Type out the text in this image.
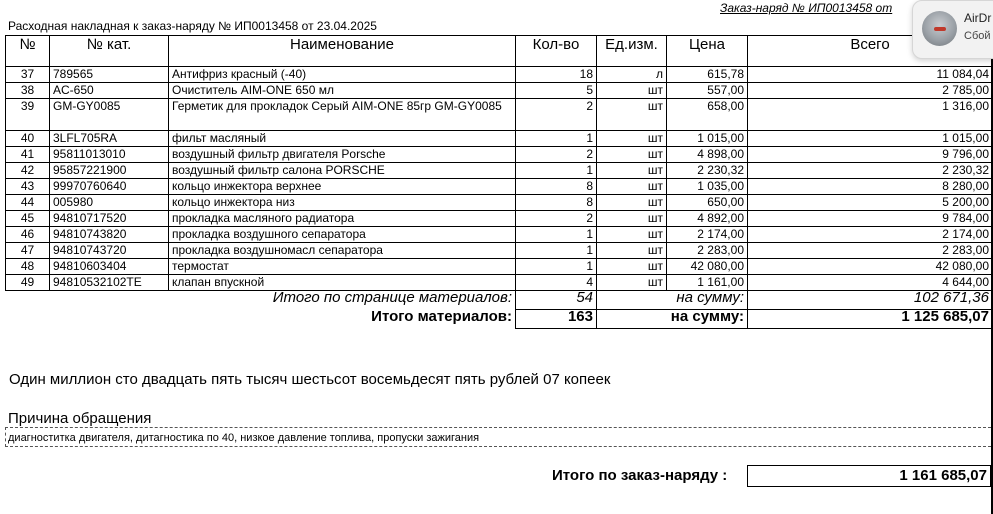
Заказ-наряд № ИП0013458 от
Расходная накладная к заказ-наряду № ИП0013458 от 23.04.2025
№	№ кат.	Наименование	Кол-во	Ед.изм.	Цена	Всего
37	789565	Антифриз красный (-40)	18	л	615,78	11 084,04
38	AC-650	Очиститель AIM-ONE 650 мл	5	шт	557,00	2 785,00
39	GM-GY0085	Герметик для прокладок Серый AIM-ONE 85гр GM-GY0085	2	шт	658,00	1 316,00
40	3LFL705RA	фильт масляный	1	шт	1 015,00	1 015,00
41	95811013010	воздушный фильтр двигателя Porsche	2	шт	4 898,00	9 796,00
42	95857221900	воздушный фильтр салона PORSCHE	1	шт	2 230,32	2 230,32
43	99970760640	кольцо инжектора верхнее	8	шт	1 035,00	8 280,00
44	005980	кольцо инжектора низ	8	шт	650,00	5 200,00
45	94810717520	прокладка масляного радиатора	2	шт	4 892,00	9 784,00
46	94810743820	прокладка воздушного сепаратора	1	шт	2 174,00	2 174,00
47	94810743720	прокладка воздушномасл сепаратора	1	шт	2 283,00	2 283,00
48	94810603404	термостат	1	шт	42 080,00	42 080,00
49	94810532102TE	клапан впускной	4	шт	1 161,00	4 644,00
Итого по странице материалов:			54	на сумму:		102 671,36
Итого материалов:			163	на сумму:		1 125 685,07
Один миллион сто двадцать пять тысяч шестьсот восемьдесят пять рублей 07 копеек
Причина обращения
диагноститка двигателя, дитагностика по 40, низкое давление топлива, пропуски зажигания
Итого по заказ-наряду :	1 161 685,07
AirDr
Сбой
